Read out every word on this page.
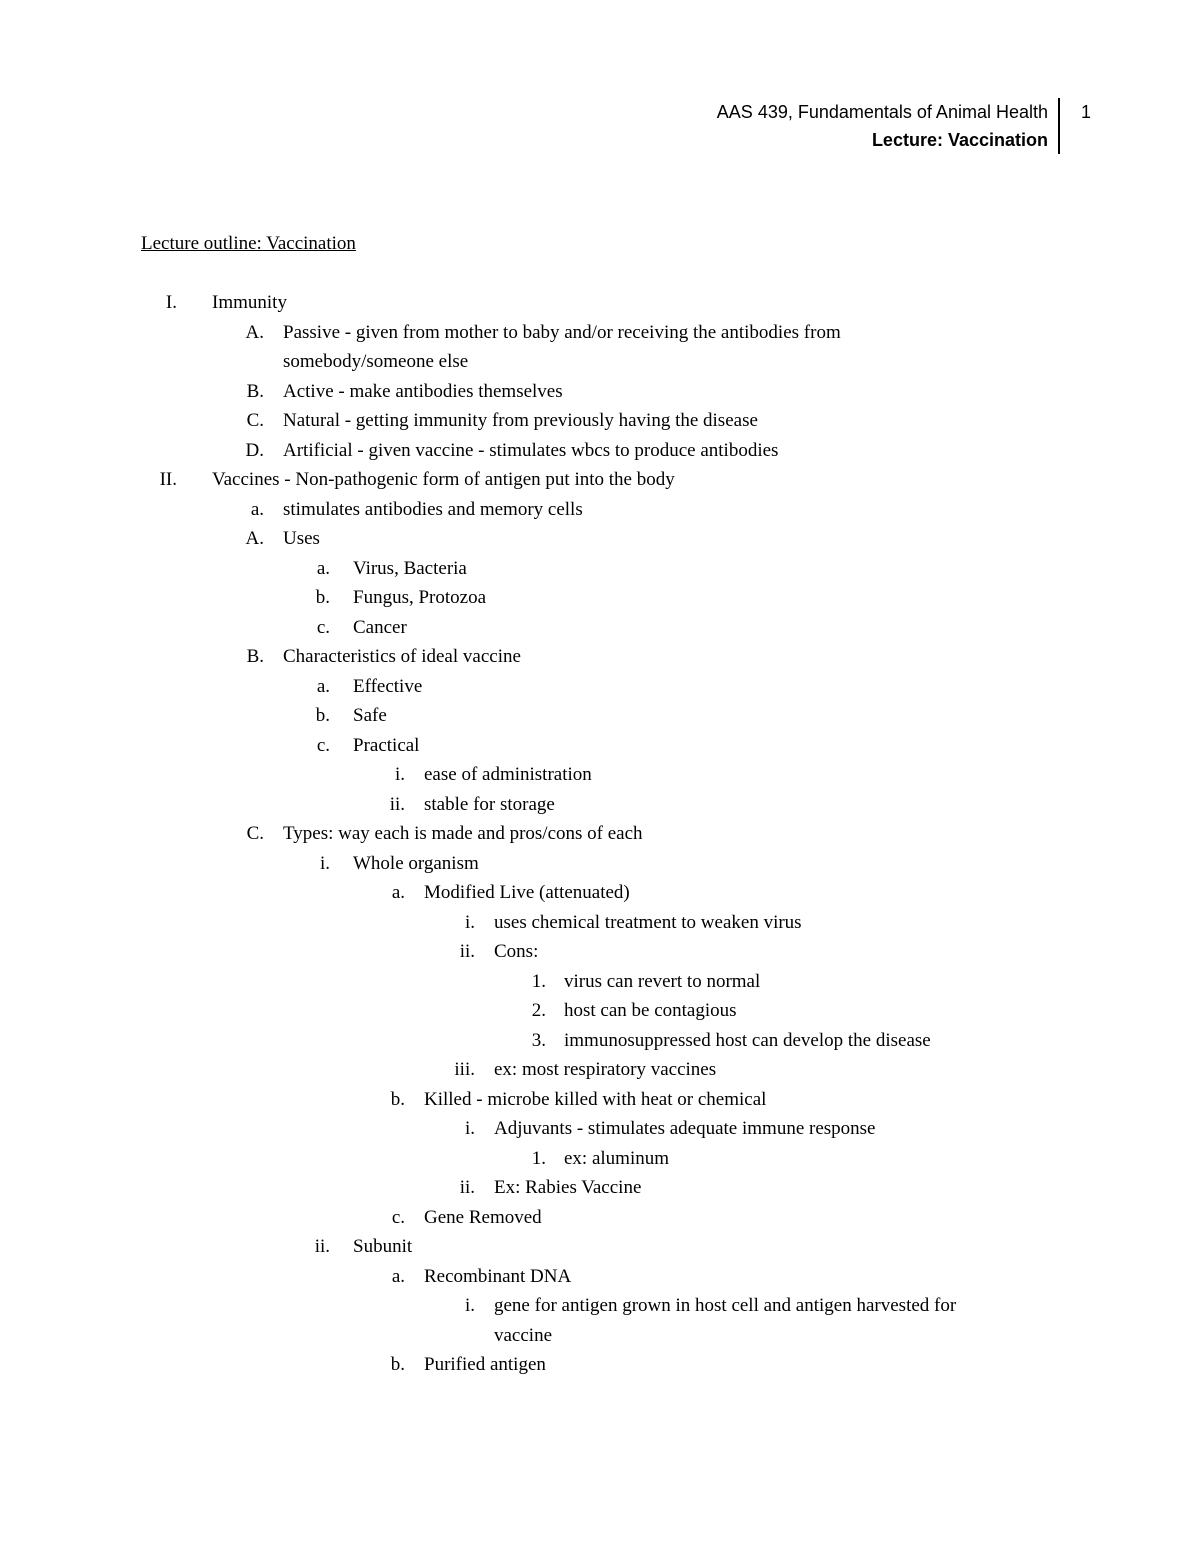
AAS 439, Fundamentals of Animal Health
Lecture: Vaccination
1
Lecture outline: Vaccination
I. Immunity
A. Passive - given from mother to baby and/or receiving the antibodies from
somebody/someone else
B. Active - make antibodies themselves
C. Natural - getting immunity from previously having the disease
D. Artificial - given vaccine - stimulates wbcs to produce antibodies
II. Vaccines - Non-pathogenic form of antigen put into the body
a. stimulates antibodies and memory cells
A. Uses
a. Virus, Bacteria
b. Fungus, Protozoa
c. Cancer
B. Characteristics of ideal vaccine
a. Effective
b. Safe
c. Practical
i. ease of administration
ii. stable for storage
C. Types: way each is made and pros/cons of each
i. Whole organism
a. Modified Live (attenuated)
i. uses chemical treatment to weaken virus
ii. Cons:
1. virus can revert to normal
2. host can be contagious
3. immunosuppressed host can develop the disease
iii. ex: most respiratory vaccines
b. Killed - microbe killed with heat or chemical
i. Adjuvants - stimulates adequate immune response
1. ex: aluminum
ii. Ex: Rabies Vaccine
c. Gene Removed
ii. Subunit
a. Recombinant DNA
i. gene for antigen grown in host cell and antigen harvested for
vaccine
b. Purified antigen
